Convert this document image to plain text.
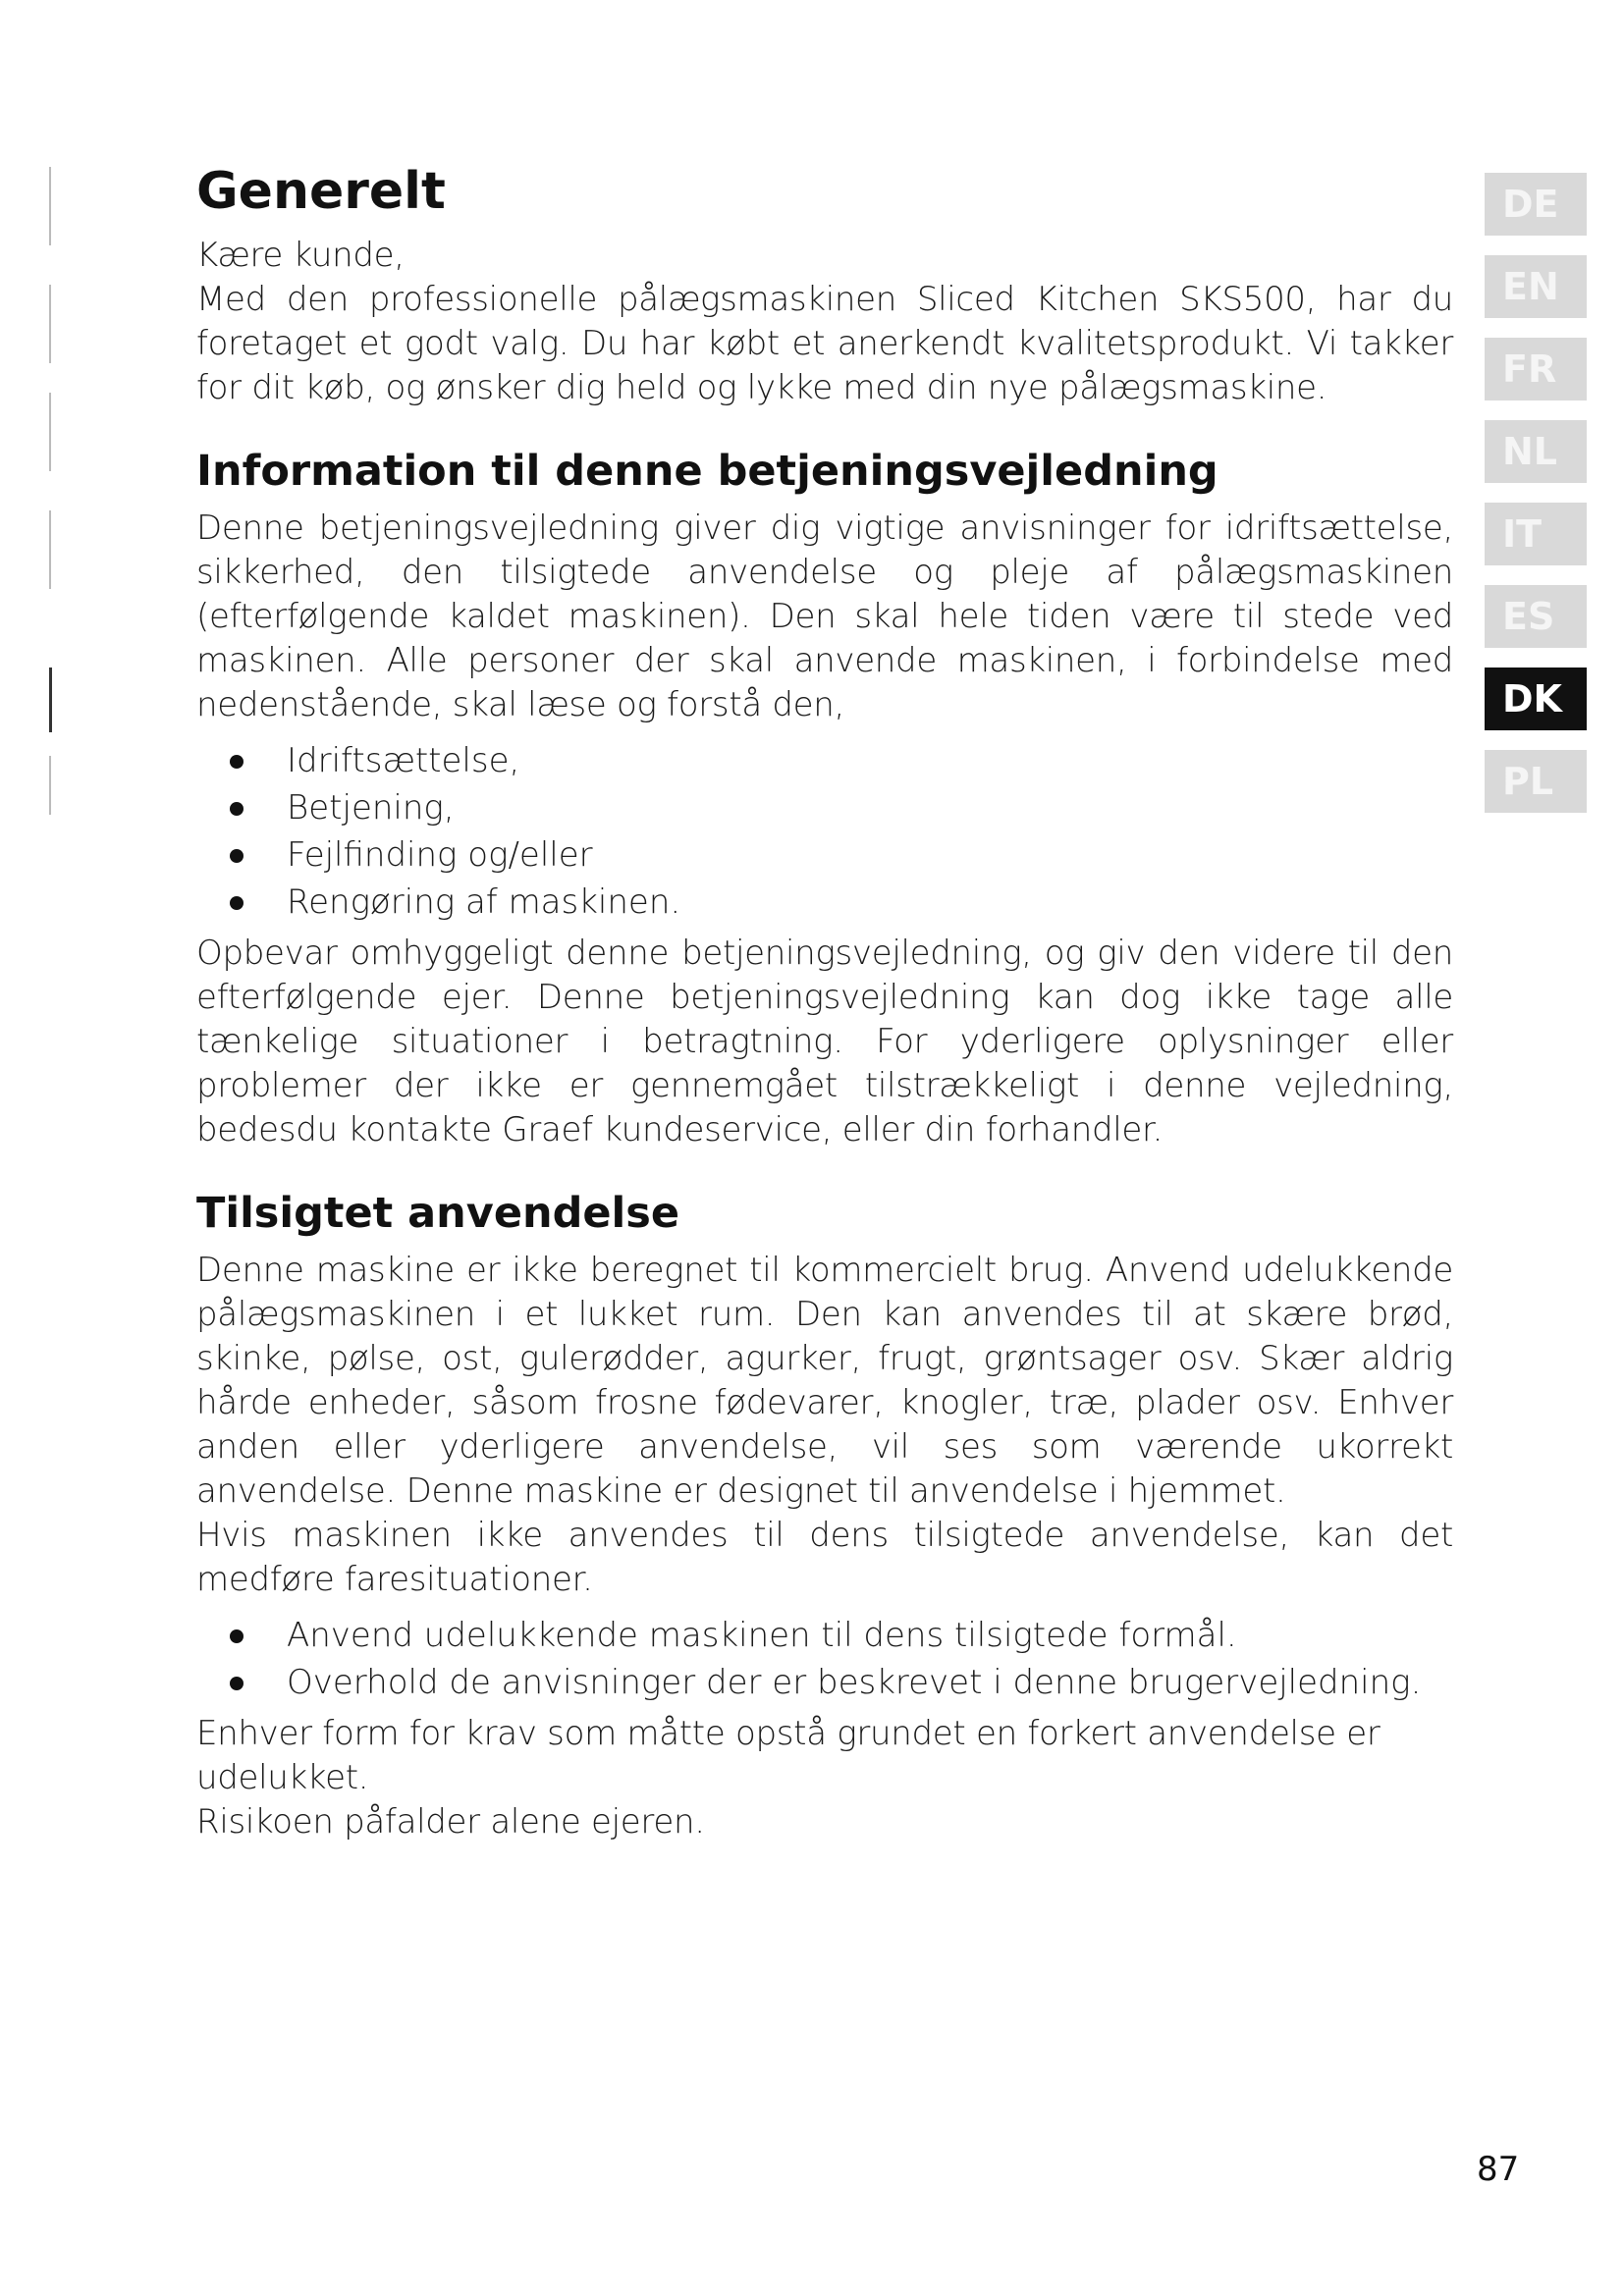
Generelt

Kære kunde,

Med den professionelle pålægsmaskinen Sliced Kitchen SKS500, har du foretaget et godt valg. Du har købt et anerkendt kvalitetsprodukt. Vi takker for dit køb, og ønsker dig held og lykke med din nye pålægsmaskine.

Information til denne betjeningsvejledning

Denne betjeningsvejledning giver dig vigtige anvisninger for idriftsættelse, sikkerhed, den tilsigtede anvendelse og pleje af pålægsmaskinen (efterfølgende kaldet maskinen). Den skal hele tiden være til stede ved maskinen. Alle personer der skal anvende maskinen, i forbindelse med nedenstående, skal læse og forstå den,

Idriftsættelse,
Betjening,
Fejlfinding og/eller
Rengøring af maskinen.

Opbevar omhyggeligt denne betjeningsvejledning, og giv den videre til den efterfølgende ejer. Denne betjeningsvejledning kan dog ikke tage alle tænkelige situationer i betragtning. For yderligere oplysninger eller problemer der ikke er gennemgået tilstrækkeligt i denne vejledning, bedesdu kontakte Graef kundeservice, eller din forhandler.

Tilsigtet anvendelse

Denne maskine er ikke beregnet til kommercielt brug. Anvend udelukkende pålægsmaskinen i et lukket rum. Den kan anvendes til at skære brød, skinke, pølse, ost, gulerødder, agurker, frugt, grøntsager osv. Skær aldrig hårde enheder, såsom frosne fødevarer, knogler, træ, plader osv. Enhver anden eller yderligere anvendelse, vil ses som værende ukorrekt anvendelse. Denne maskine er designet til anvendelse i hjemmet.

Hvis maskinen ikke anvendes til dens tilsigtede anvendelse, kan det medføre faresituationer.

Anvend udelukkende maskinen til dens tilsigtede formål.
Overhold de anvisninger der er beskrevet i denne brugervejledning.

Enhver form for krav som måtte opstå grundet en forkert anvendelse er udelukket.

Risikoen påfalder alene ejeren.

DE
EN
FR
NL
IT
ES
DK
PL
87
